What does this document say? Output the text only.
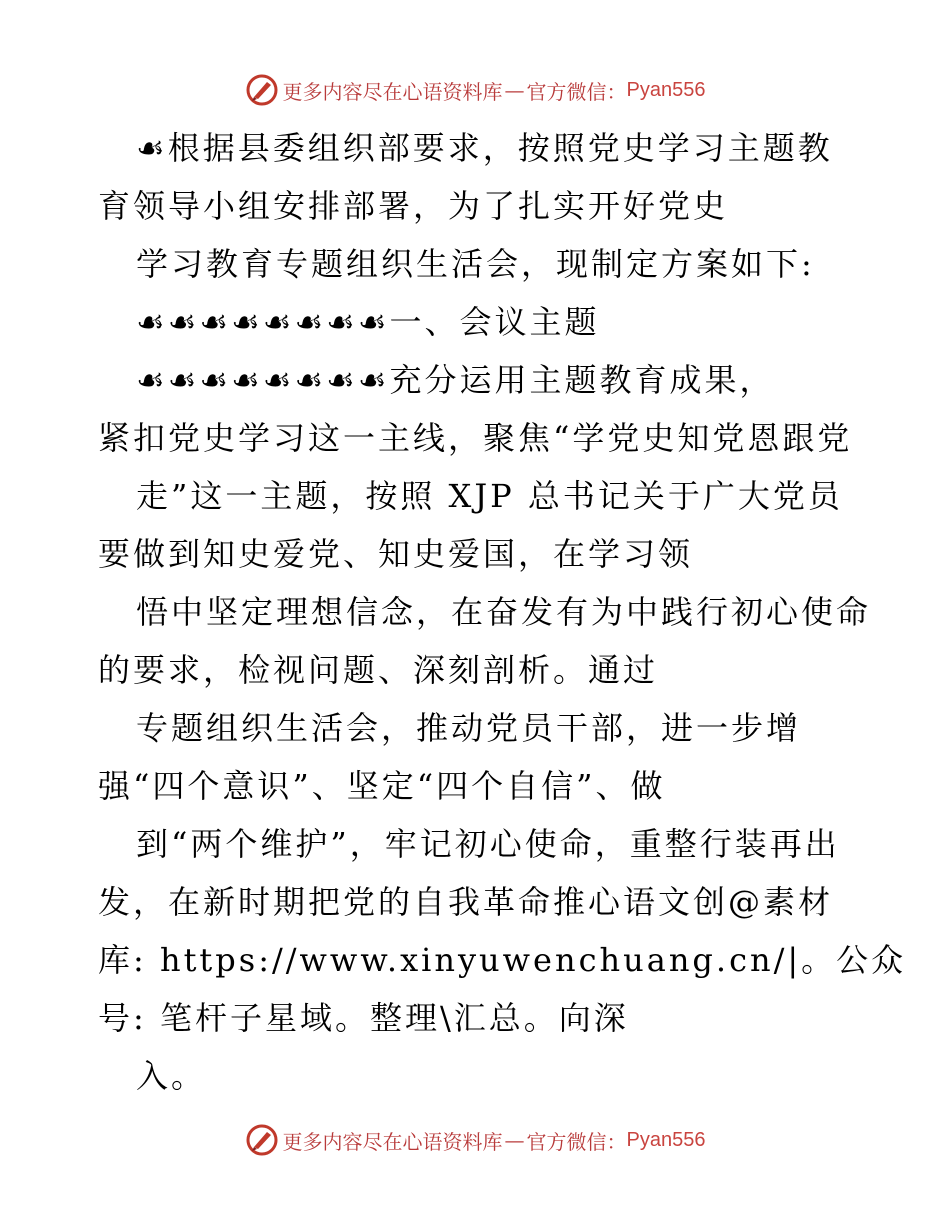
更多内容尽在心语资料库 — 官方微信： Pyan556
☙根据县委组织部要求，按照党史学习主题教
育领导小组安排部署，为了扎实开好党史
学习教育专题组织生活会，现制定方案如下:
☙☙☙☙☙☙☙☙一、会议主题
☙☙☙☙☙☙☙☙充分运用主题教育成果，
紧扣党史学习这一主线，聚焦“学党史知党恩跟党
走”这一主题，按照 XJP 总书记关于广大党员
要做到知史爱党、知史爱国，在学习领
悟中坚定理想信念，在奋发有为中践行初心使命
的要求，检视问题、深刻剖析。通过
专题组织生活会，推动党员干部，进一步增
强“四个意识”、坚定“四个自信”、做
到“两个维护”，牢记初心使命，重整行装再出
发，在新时期把党的自我革命推心语文创@素材
库: https://www.xinyuwenchuang.cn/|。公众
号: 笔杆子星域。整理\汇总。向深
入。
更多内容尽在心语资料库 — 官方微信： Pyan556
